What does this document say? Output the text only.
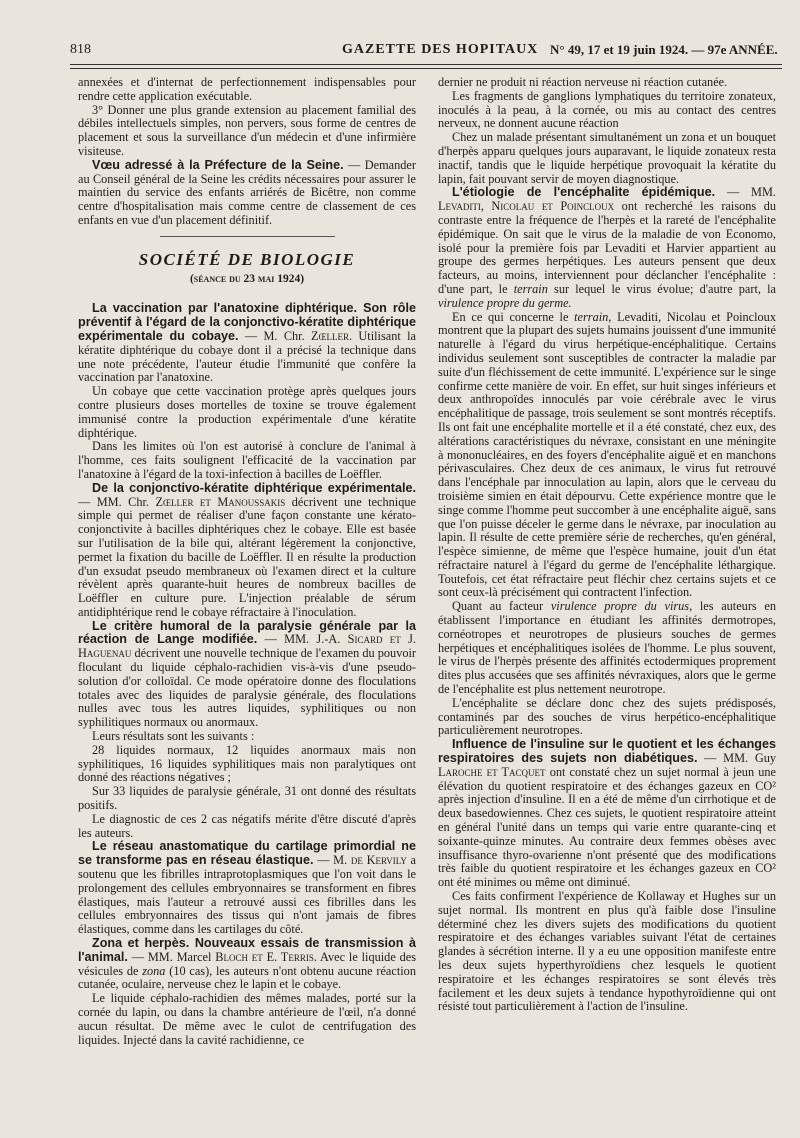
818	GAZETTE DES HOPITAUX N° 49, 17 et 19 juin 1924. — 97e ANNÉE.

annexées et d'internat de perfectionnement indispensables pour rendre cette application exécutable.

3° Donner une plus grande extension au placement familial des débiles intellectuels simples, non pervers, sous forme de centres de placement et sous la surveillance d'un médecin et d'une infirmière visiteuse.

Vœu adressé à la Préfecture de la Seine. — Demander au Conseil général de la Seine les crédits nécessaires pour assurer le maintien du service des enfants arriérés de Bicêtre, non comme centre d'hospitalisation mais comme centre de classement de ces enfants en vue d'un placement définitif.

SOCIÉTÉ DE BIOLOGIE
(séance du 23 mai 1924)

La vaccination par l'anatoxine diphtérique. Son rôle préventif à l'égard de la conjonctivo-kératite diphtérique expérimentale du cobaye. — M. Chr. Zœller. Utilisant la kératite diphtérique du cobaye dont il a précisé la technique dans une note précédente, l'auteur étudie l'immunité que confère la vaccination par l'anatoxine.

Un cobaye que cette vaccination protège après quelques jours contre plusieurs doses mortelles de toxine se trouve également immunisé contre la production expérimentale d'une kératite diphtérique.

Dans les limites où l'on est autorisé à conclure de l'animal à l'homme, ces faits soulignent l'efficacité de la vaccination par l'anatoxine à l'égard de la toxi-infection à bacilles de Loëffler.

De la conjonctivo-kératite diphtérique expérimentale. — MM. Chr. Zœller et Manoussakis décrivent une technique simple qui permet de réaliser d'une façon constante une kérato-conjonctivite à bacilles diphtériques chez le cobaye. Elle est basée sur l'utilisation de la bile qui, altérant légèrement la conjonctive, permet la fixation du bacille de Loëffler. Il en résulte la production d'un exsudat pseudo membraneux où l'examen direct et la culture révèlent après quarante-huit heures de nombreux bacilles de Loëffler en culture pure. L'injection préalable de sérum antidiphtérique rend le cobaye réfractaire à l'inoculation.

Le critère humoral de la paralysie générale par la réaction de Lange modifiée. — MM. J.-A. Sicard et J. Haguenau décrivent une nouvelle technique de l'examen du pouvoir floculant du liquide céphalo-rachidien vis-à-vis d'une pseudo-solution d'or colloïdal. Ce mode opératoire donne des floculations totales avec des liquides de paralysie générale, des floculations nulles avec tous les autres liquides, syphilitiques ou non syphilitiques normaux ou anormaux.

Leurs résultats sont les suivants :

28 liquides normaux, 12 liquides anormaux mais non syphilitiques, 16 liquides syphilitiques mais non paralytiques ont donné des réactions négatives ;

Sur 33 liquides de paralysie générale, 31 ont donné des résultats positifs.

Le diagnostic de ces 2 cas négatifs mérite d'être discuté d'après les auteurs.

Le réseau anastomatique du cartilage primordial ne se transforme pas en réseau élastique. — M. de Kervily a soutenu que les fibrilles intraprotoplasmiques que l'on voit dans le prolongement des cellules embryonnaires se transforment en fibres élastiques, mais l'auteur a retrouvé aussi ces fibrilles dans les cellules embryonnaires des tissus qui n'ont jamais de fibres élastiques, comme dans les cartilages du côté.

Zona et herpès. Nouveaux essais de transmission à l'animal. — MM. Marcel Bloch et E. Terris. Avec le liquide des vésicules de zona (10 cas), les auteurs n'ont obtenu aucune réaction cutanée, oculaire, nerveuse chez le lapin et le cobaye.

Le liquide céphalo-rachidien des mêmes malades, porté sur la cornée du lapin, ou dans la chambre antérieure de l'œil, n'a donné aucun résultat. De même avec le culot de centrifugation des liquides. Injecté dans la cavité rachidienne, ce

dernier ne produit ni réaction nerveuse ni réaction cutanée.

Les fragments de ganglions lymphatiques du territoire zonateux, inoculés à la peau, à la cornée, ou mis au contact des centres nerveux, ne donnent aucune réaction

Chez un malade présentant simultanément un zona et un bouquet d'herpès apparu quelques jours auparavant, le liquide zonateux resta inactif, tandis que le liquide herpétique provoquait la kératite du lapin, fait pouvant servir de moyen diagnostique.

L'étiologie de l'encéphalite épidémique. — MM. Levaditi, Nicolau et Poincloux ont recherché les raisons du contraste entre la fréquence de l'herpès et la rareté de l'encéphalite épidémique. On sait que le virus de la maladie de von Economo, isolé pour la première fois par Levaditi et Harvier appartient au groupe des germes herpétiques. Les auteurs pensent que deux facteurs, au moins, interviennent pour déclancher l'encéphalite : d'une part, le terrain sur lequel le virus évolue; d'autre part, la virulence propre du germe.

En ce qui concerne le terrain, Levaditi, Nicolau et Poincloux montrent que la plupart des sujets humains jouissent d'une immunité naturelle à l'égard du virus herpétique-encéphalitique. Certains individus seulement sont susceptibles de contracter la maladie par suite d'un fléchissement de cette immunité. L'expérience sur le singe confirme cette manière de voir. En effet, sur huit singes inférieurs et deux anthropoïdes innoculés par voie cérébrale avec le virus encéphalitique de passage, trois seulement se sont montrés réceptifs. Ils ont fait une encéphalite mortelle et il a été constaté, chez eux, des altérations caractéristiques du névraxe, consistant en une méningite à mononucléaires, en des foyers d'encéphalite aiguë et en manchons périvasculaires. Chez deux de ces animaux, le virus fut retrouvé dans l'encéphale par innoculation au lapin, alors que le cerveau du troisième simien en était dépourvu. Cette expérience montre que le singe comme l'homme peut succomber à une encéphalite aiguë, sans que l'on puisse déceler le germe dans le névraxe, par inoculation au lapin. Il résulte de cette première série de recherches, qu'en général, l'espèce simienne, de même que l'espèce humaine, jouit d'un état réfractaire naturel à l'égard du germe de l'encéphalite léthargique. Toutefois, cet état réfractaire peut fléchir chez certains sujets et ce sont ceux-là précisément qui contractent l'infection.

Quant au facteur virulence propre du virus, les auteurs en établissent l'importance en étudiant les affinités dermotropes, cornéotropes et neurotropes de plusieurs souches de germes herpétiques et encéphalitiques isolées de l'homme. Le plus souvent, le virus de l'herpès présente des affinités ectodermiques proprement dites plus accusées que ses affinités névraxiques, alors que le germe de l'encéphalite est plus nettement neurotrope.

L'encéphalite se déclare donc chez des sujets prédisposés, contaminés par des souches de virus herpético-encéphalitique particulièrement neurotropes.

Influence de l'insuline sur le quotient et les échanges respiratoires des sujets non diabétiques. — MM. Guy Laroche et Tacquet ont constaté chez un sujet normal à jeun une élévation du quotient respiratoire et des échanges gazeux en CO² après injection d'insuline. Il en a été de même d'un cirrhotique et de deux basedowiennes. Chez ces sujets, le quotient respiratoire atteint en général l'unité dans un temps qui varie entre quarante-cinq et soixante-quinze minutes. Au contraire deux femmes obèses avec insuffisance thyro-ovarienne n'ont présenté que des modifications très faible du quotient respiratoire et les échanges gazeux en CO² ont été minimes ou même ont diminué.

Ces faits confirment l'expérience de Kollaway et Hughes sur un sujet normal. Ils montrent en plus qu'à faible dose l'insuline déterminé chez les divers sujets des modifications du quotient respiratoire et des échanges variables suivant l'état de certaines glandes à sécrétion interne. Il y a eu une opposition manifeste entre les deux sujets hyperthyroïdiens chez lesquels le quotient respiratoire et les échanges respiratoires se sont élevés très facilement et les deux sujets à tendance hypothyroïdienne qui ont résisté tout particulièrement à l'action de l'insuline.
